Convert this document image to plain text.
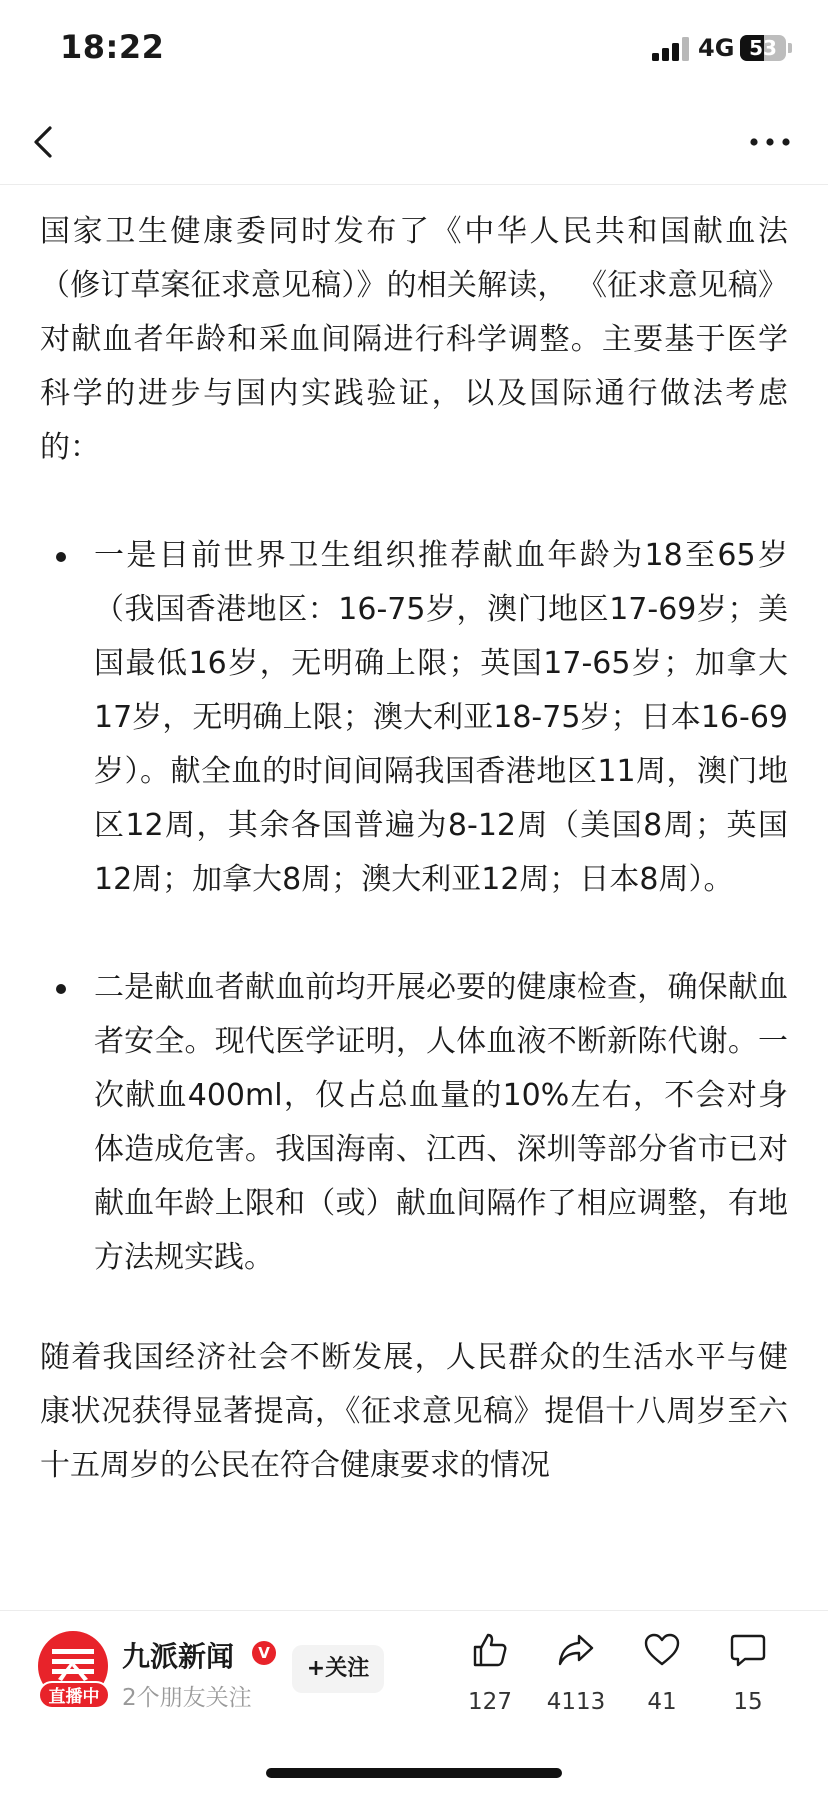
18:22	4G 53

国家卫生健康委同时发布了《中华人民共和国献血法（修订草案征求意见稿）》的相关解读， 《征求意见稿》对献血者年龄和采血间隔进行科学调整。主要基于医学科学的进步与国内实践验证，以及国际通行做法考虑的：

一是目前世界卫生组织推荐献血年龄为18至65岁（我国香港地区：16-75岁，澳门地区17-69岁；美国最低16岁，无明确上限；英国17-65岁；加拿大17岁，无明确上限；澳大利亚18-75岁；日本16-69岁）。献全血的时间间隔我国香港地区11周，澳门地区12周，其余各国普遍为8-12周（美国8周；英国12周；加拿大8周；澳大利亚12周；日本8周）。
二是献血者献血前均开展必要的健康检查，确保献血者安全。现代医学证明，人体血液不断新陈代谢。一次献血400ml，仅占总血量的10%左右，不会对身体造成危害。我国海南、江西、深圳等部分省市已对献血年龄上限和（或）献血间隔作了相应调整，有地方法规实践。

随着我国经济社会不断发展，人民群众的生活水平与健康状况获得显著提高，《征求意见稿》提倡十八周岁至六十五周岁的公民在符合健康要求的情况

直播中
九派新闻	V
2个朋友关注
+关注
127	4113	41	15
